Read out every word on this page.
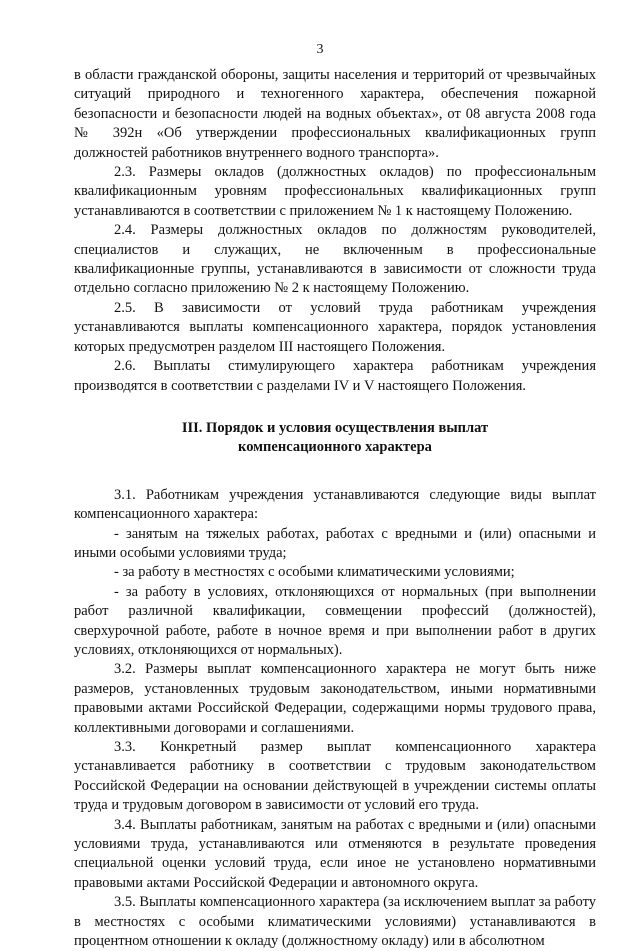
3

в области гражданской обороны, защиты населения и территорий от чрезвычайных ситуаций природного и техногенного характера, обеспечения пожарной безопасности и безопасности людей на водных объектах», от 08 августа 2008 года № 392н «Об утверждении профессиональных квалификационных групп должностей работников внутреннего водного транспорта».

2.3. Размеры окладов (должностных окладов) по профессиональным квалификационным уровням профессиональных квалификационных групп устанавливаются в соответствии с приложением № 1 к настоящему Положению.

2.4. Размеры должностных окладов по должностям руководителей, специалистов и служащих, не включенным в профессиональные квалификационные группы, устанавливаются в зависимости от сложности труда отдельно согласно приложению № 2 к настоящему Положению.

2.5. В зависимости от условий труда работникам учреждения устанавливаются выплаты компенсационного характера, порядок установления которых предусмотрен разделом III настоящего Положения.

2.6. Выплаты стимулирующего характера работникам учреждения производятся в соответствии с разделами IV и V настоящего Положения.

III. Порядок и условия осуществления выплат
компенсационного характера

3.1. Работникам учреждения устанавливаются следующие виды выплат компенсационного характера:

- занятым на тяжелых работах, работах с вредными и (или) опасными и иными особыми условиями труда;

- за работу в местностях с особыми климатическими условиями;

- за работу в условиях, отклоняющихся от нормальных (при выполнении работ различной квалификации, совмещении профессий (должностей), сверхурочной работе, работе в ночное время и при выполнении работ в других условиях, отклоняющихся от нормальных).

3.2. Размеры выплат компенсационного характера не могут быть ниже размеров, установленных трудовым законодательством, иными нормативными правовыми актами Российской Федерации, содержащими нормы трудового права, коллективными договорами и соглашениями.

3.3. Конкретный размер выплат компенсационного характера устанавливается работнику в соответствии с трудовым законодательством Российской Федерации на основании действующей в учреждении системы оплаты труда и трудовым договором в зависимости от условий его труда.

3.4. Выплаты работникам, занятым на работах с вредными и (или) опасными условиями труда, устанавливаются или отменяются в результате проведения специальной оценки условий труда, если иное не установлено нормативными правовыми актами Российской Федерации и автономного округа.

3.5. Выплаты компенсационного характера (за исключением выплат за работу в местностях с особыми климатическими условиями) устанавливаются в процентном отношении к окладу (должностному окладу) или в абсолютном
